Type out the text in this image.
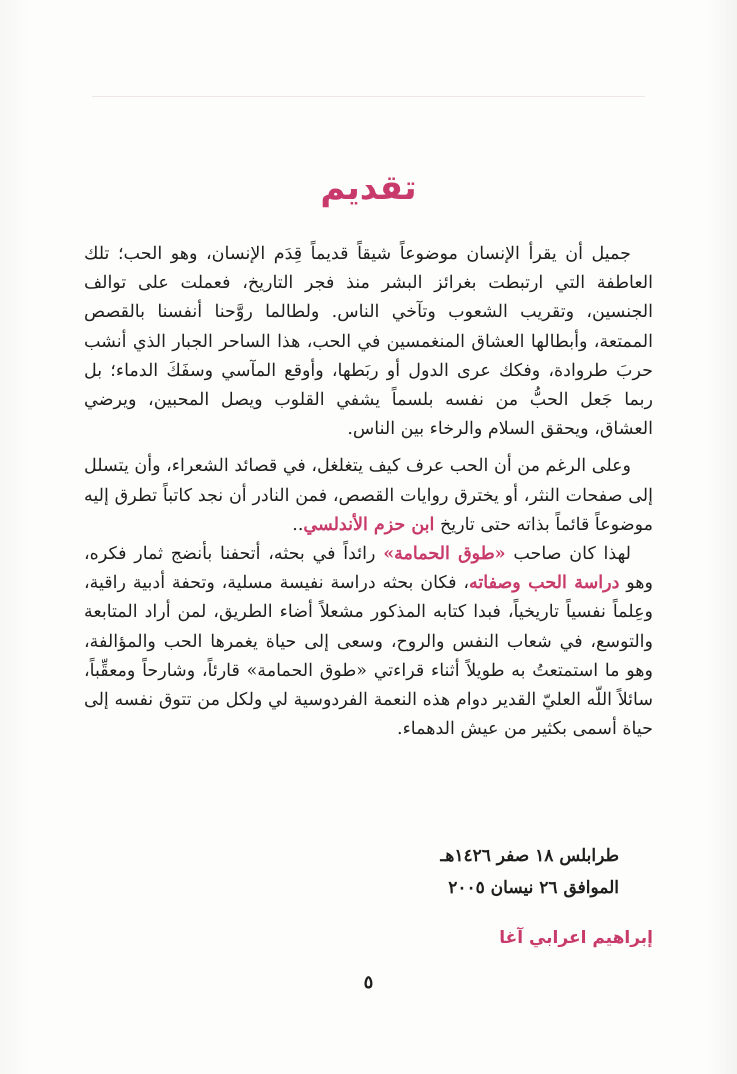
تقديم

جميل أن يقرأ الإنسان موضوعاً شيقاً قديماً قِدَم الإنسان، وهو الحب؛ تلك العاطفة التي ارتبطت بغرائز البشر منذ فجر التاريخ، فعملت على توالف الجنسين، وتقريب الشعوب وتآخي الناس. ولطالما روَّحنا أنفسنا بالقصص الممتعة، وأبطالها العشاق المنغمسين في الحب، هذا الساحر الجبار الذي أنشب حربَ طروادة، وفكك عرى الدول أو ربَطها، وأوقع المآسي وسفَكَ الدماء؛ بل ربما جَعل الحبُّ من نفسه بلسماً يشفي القلوب ويصل المحبين، ويرضي العشاق، ويحقق السلام والرخاء بين الناس.

وعلى الرغم من أن الحب عرف كيف يتغلغل، في قصائد الشعراء، وأن يتسلل إلى صفحات النثر، أو يخترق روايات القصص، فمن النادر أن نجد كاتباً تطرق إليه موضوعاً قائماً بذاته حتى تاريخ ابن حزم الأندلسي..

لهذا كان صاحب «طوق الحمامة» رائداً في بحثه، أتحفنا بأنضج ثمار فكره، وهو دراسة الحب وصفاته، فكان بحثه دراسة نفيسة مسلية، وتحفة أدبية راقية، وعِلماً نفسياً تاريخياً، فبدا كتابه المذكور مشعلاً أضاء الطريق، لمن أراد المتابعة والتوسع، في شعاب النفس والروح، وسعى إلى حياة يغمرها الحب والمؤالفة، وهو ما استمتعتُ به طويلاً أثناء قراءتي «طوق الحمامة» قارئاً، وشارحاً ومعقِّباً، سائلاً اللّه العليّ القدير دوام هذه النعمة الفردوسية لي ولكل من تتوق نفسه إلى حياة أسمى بكثير من عيش الدهماء.

طرابلس ١٨ صفر ١٤٢٦هـ
الموافق ٢٦ نيسان ٢٠٠٥
إبراهيم اعرابي آغا
٥
